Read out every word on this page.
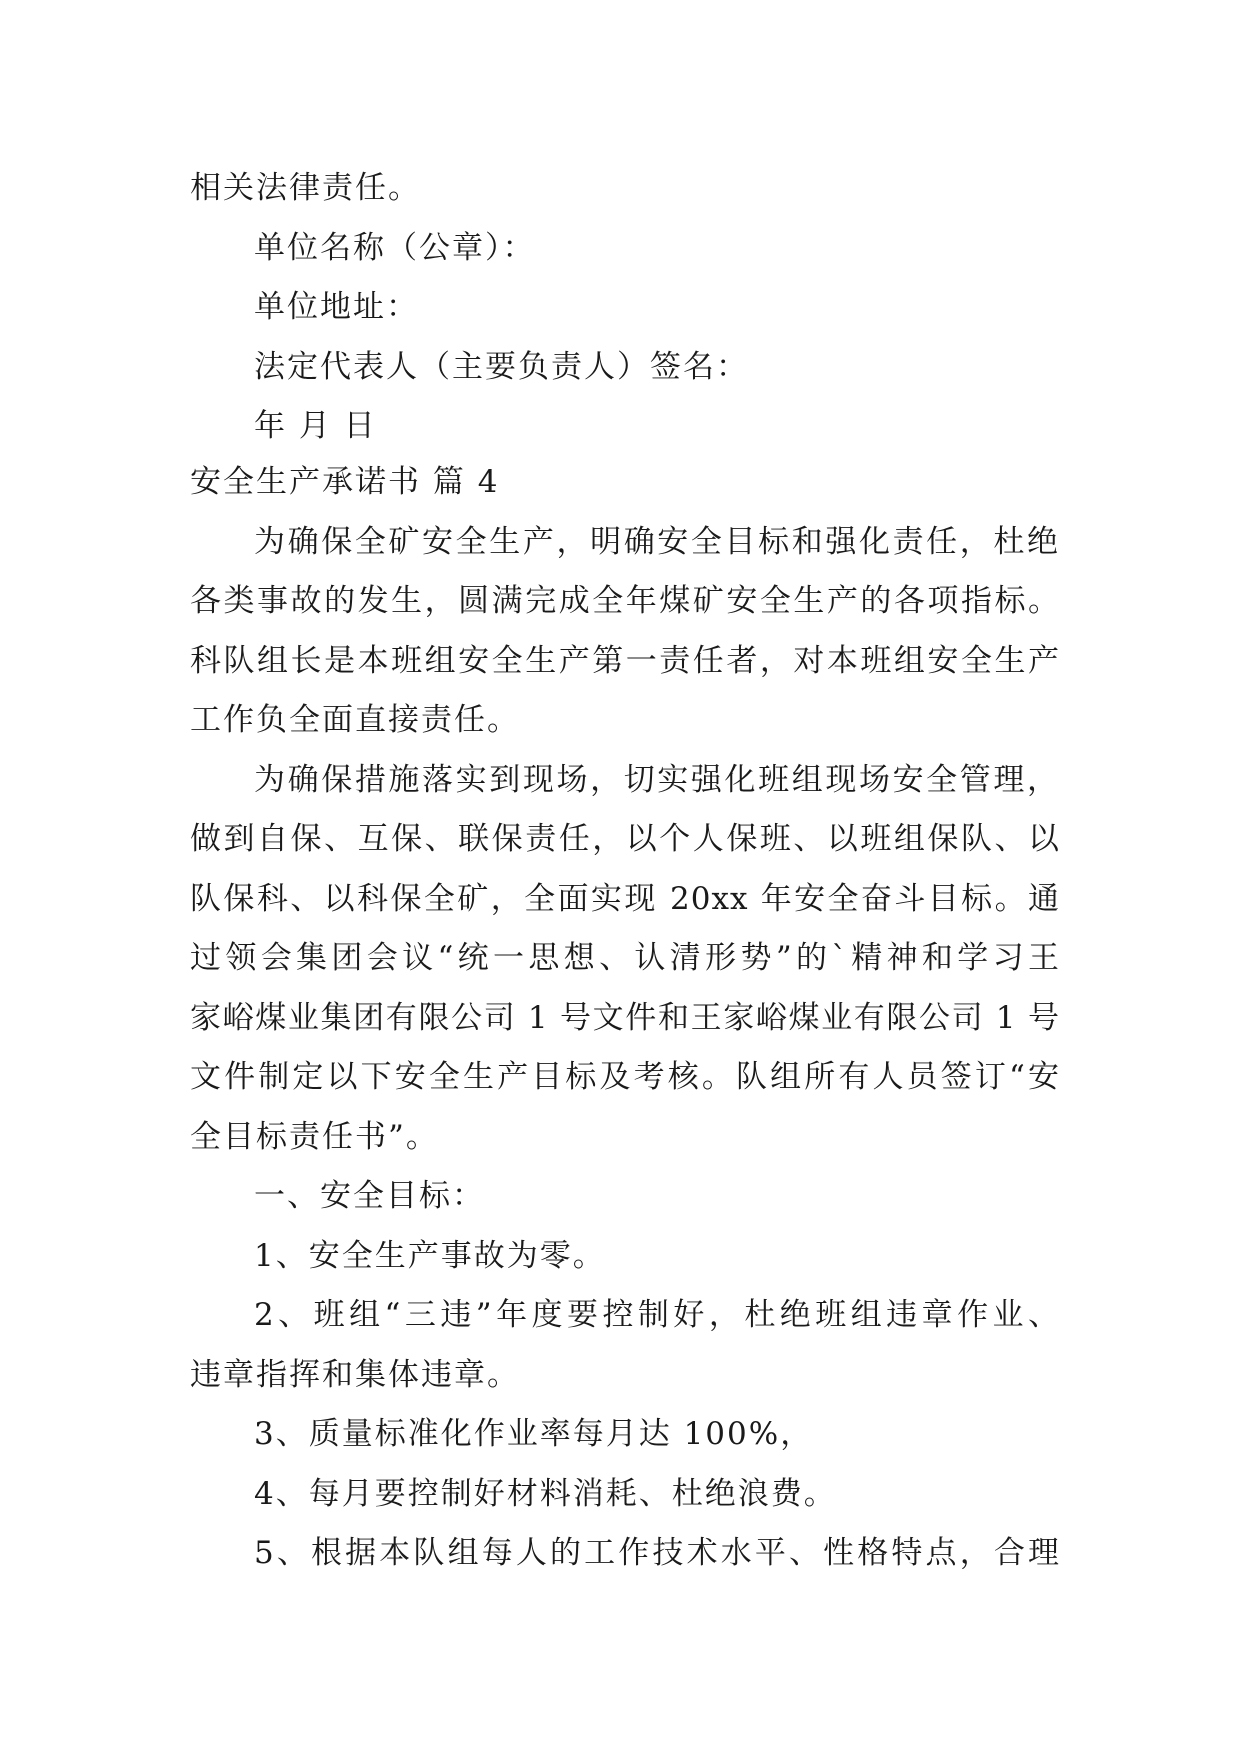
相关法律责任。
单位名称（公章）：
单位地址：
法定代表人（主要负责人）签名：
年 月 日
安全生产承诺书 篇 4
为确保全矿安全生产，明确安全目标和强化责任，杜绝
各类事故的发生，圆满完成全年煤矿安全生产的各项指标。
科队组长是本班组安全生产第一责任者，对本班组安全生产
工作负全面直接责任。
为确保措施落实到现场，切实强化班组现场安全管理，
做到自保、互保、联保责任，以个人保班、以班组保队、以
队保科、以科保全矿，全面实现 20xx 年安全奋斗目标。通
过领会集团会议“统一思想、认清形势”的`精神和学习王
家峪煤业集团有限公司 1 号文件和王家峪煤业有限公司 1 号
文件制定以下安全生产目标及考核。队组所有人员签订“安
全目标责任书”。
一、安全目标：
1、安全生产事故为零。
2、班组“三违”年度要控制好，杜绝班组违章作业、
违章指挥和集体违章。
3、质量标准化作业率每月达 100%，
4、每月要控制好材料消耗、杜绝浪费。
5、根据本队组每人的工作技术水平、性格特点，合理
